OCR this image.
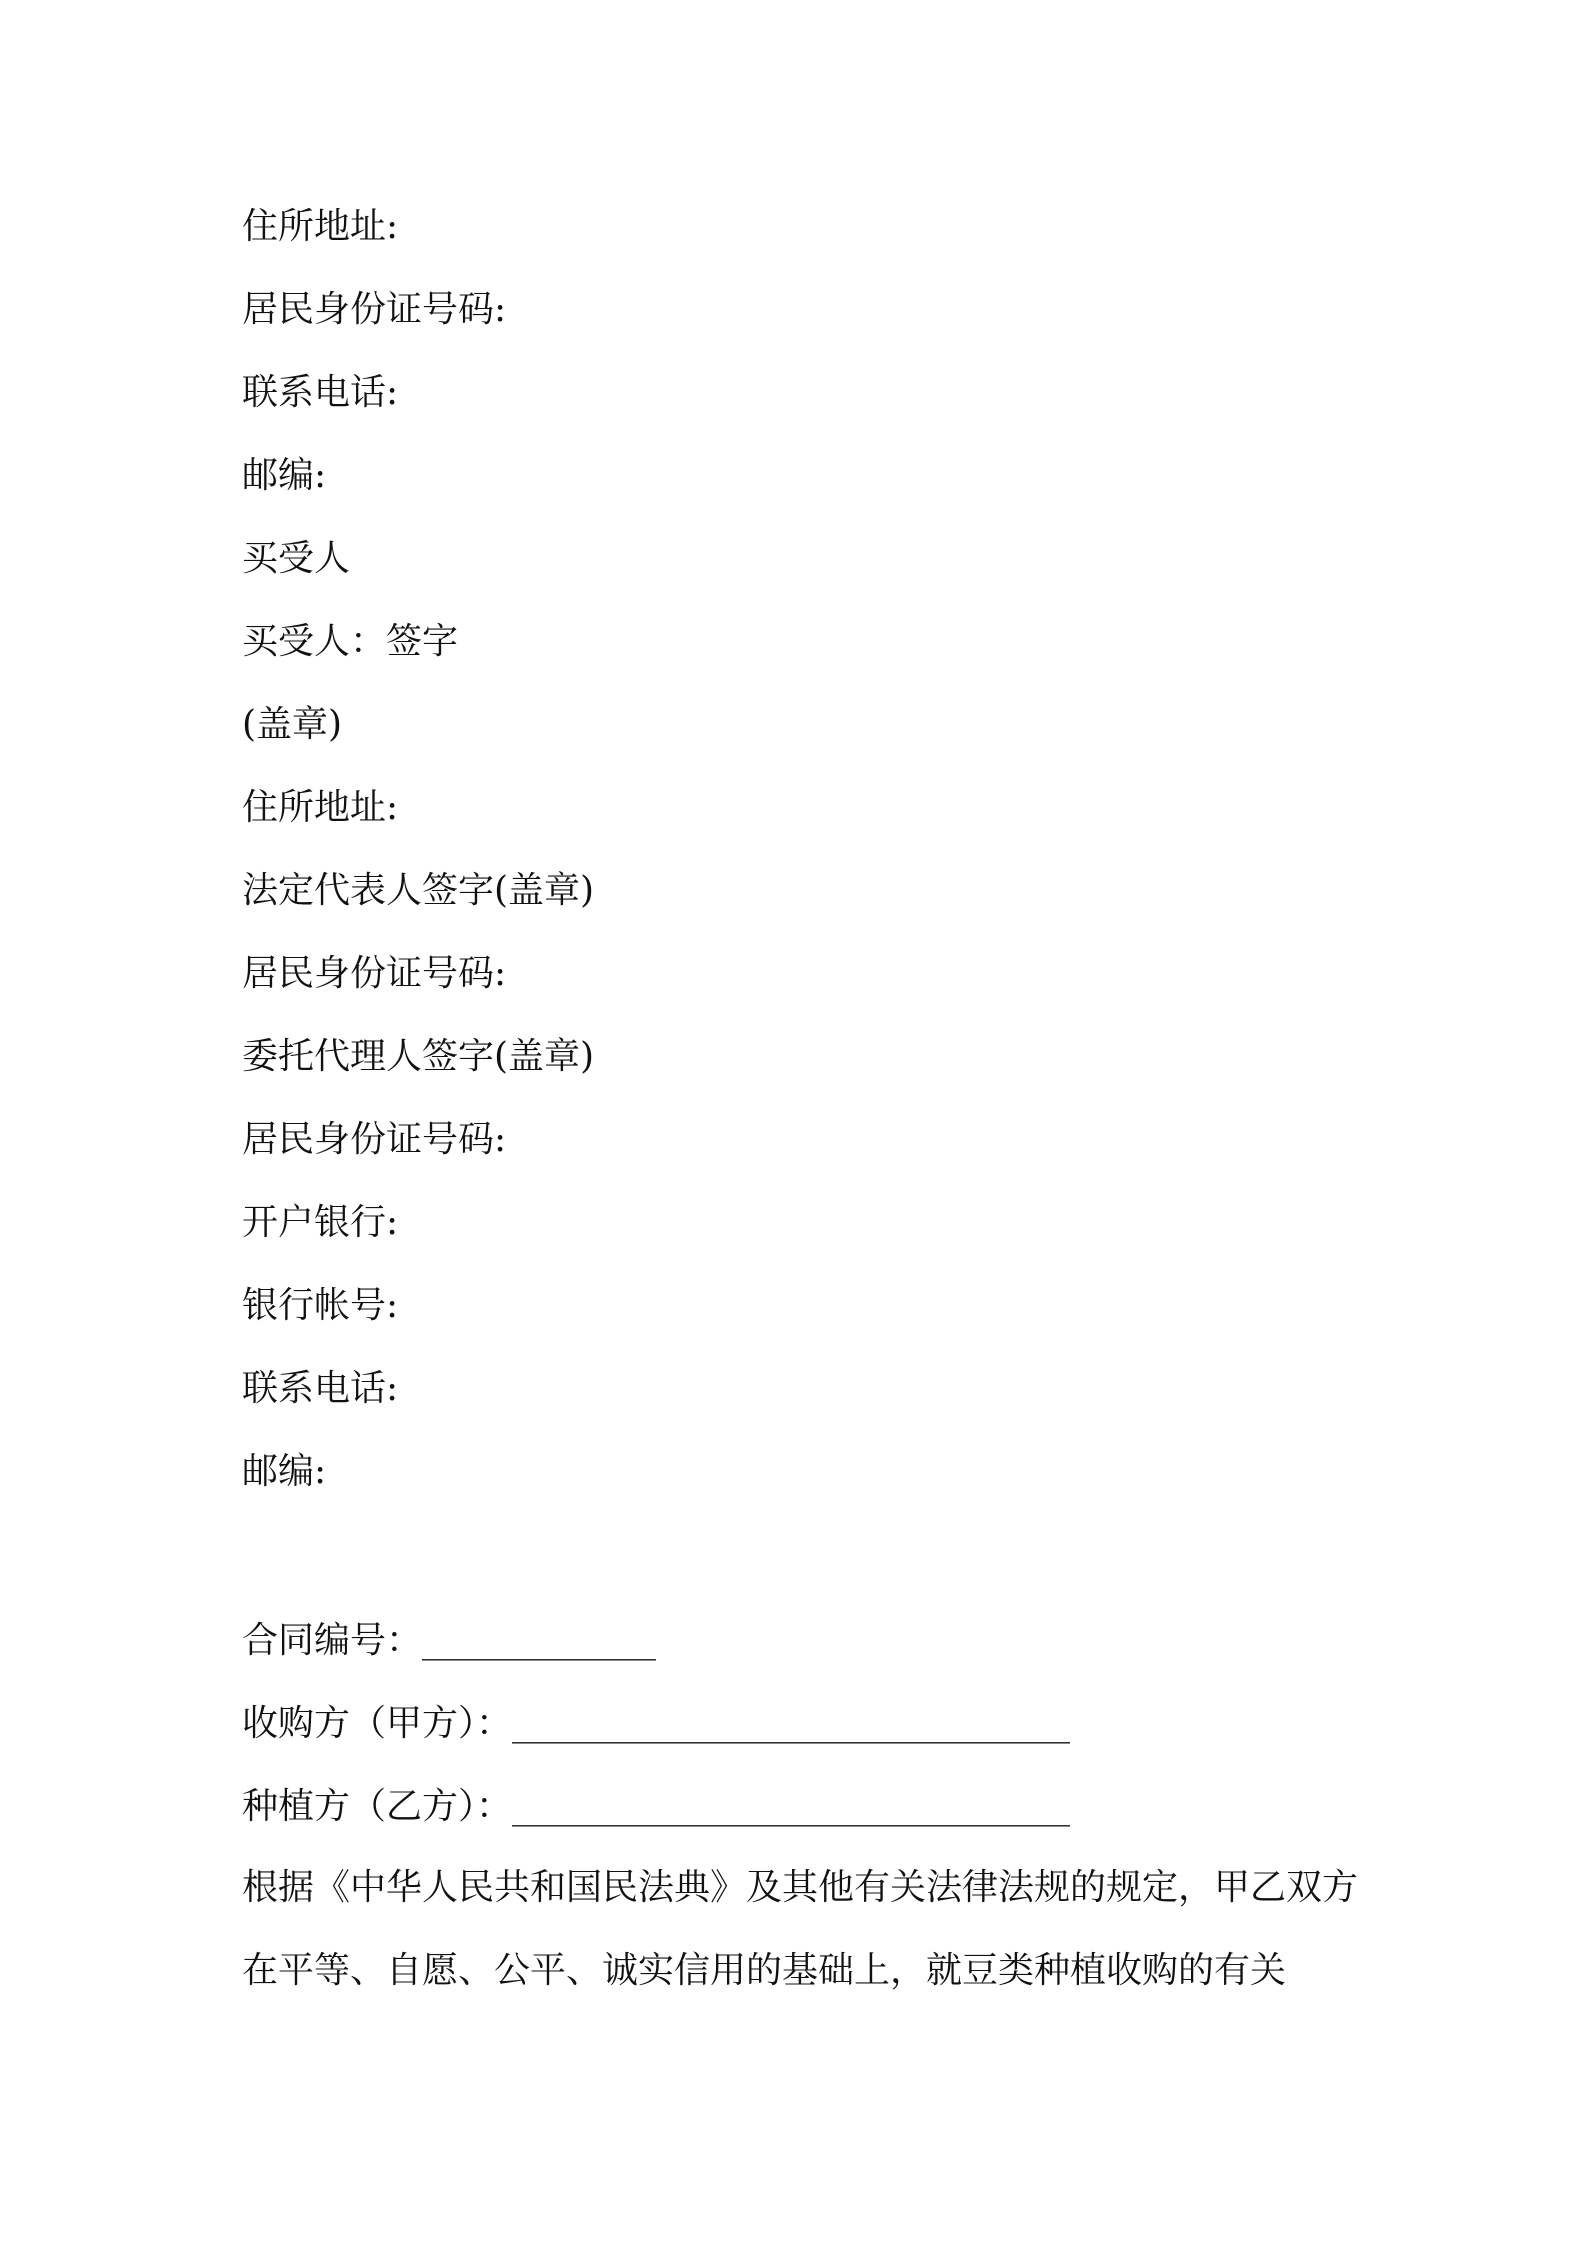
住所地址:
居民身份证号码:
联系电话:
邮编:
买受人
买受人：签字
(盖章)
住所地址:
法定代表人签字(盖章)
居民身份证号码:
委托代理人签字(盖章)
居民身份证号码:
开户银行:
银行帐号:
联系电话:
邮编:
合同编号：_____________
收购方（甲方）：_______________________________
种植方（乙方）：_______________________________
根据《中华人民共和国民法典》及其他有关法律法规的规定，甲乙双方在平等、自愿、公平、诚实信用的基础上，就豆类种植收购的有关
